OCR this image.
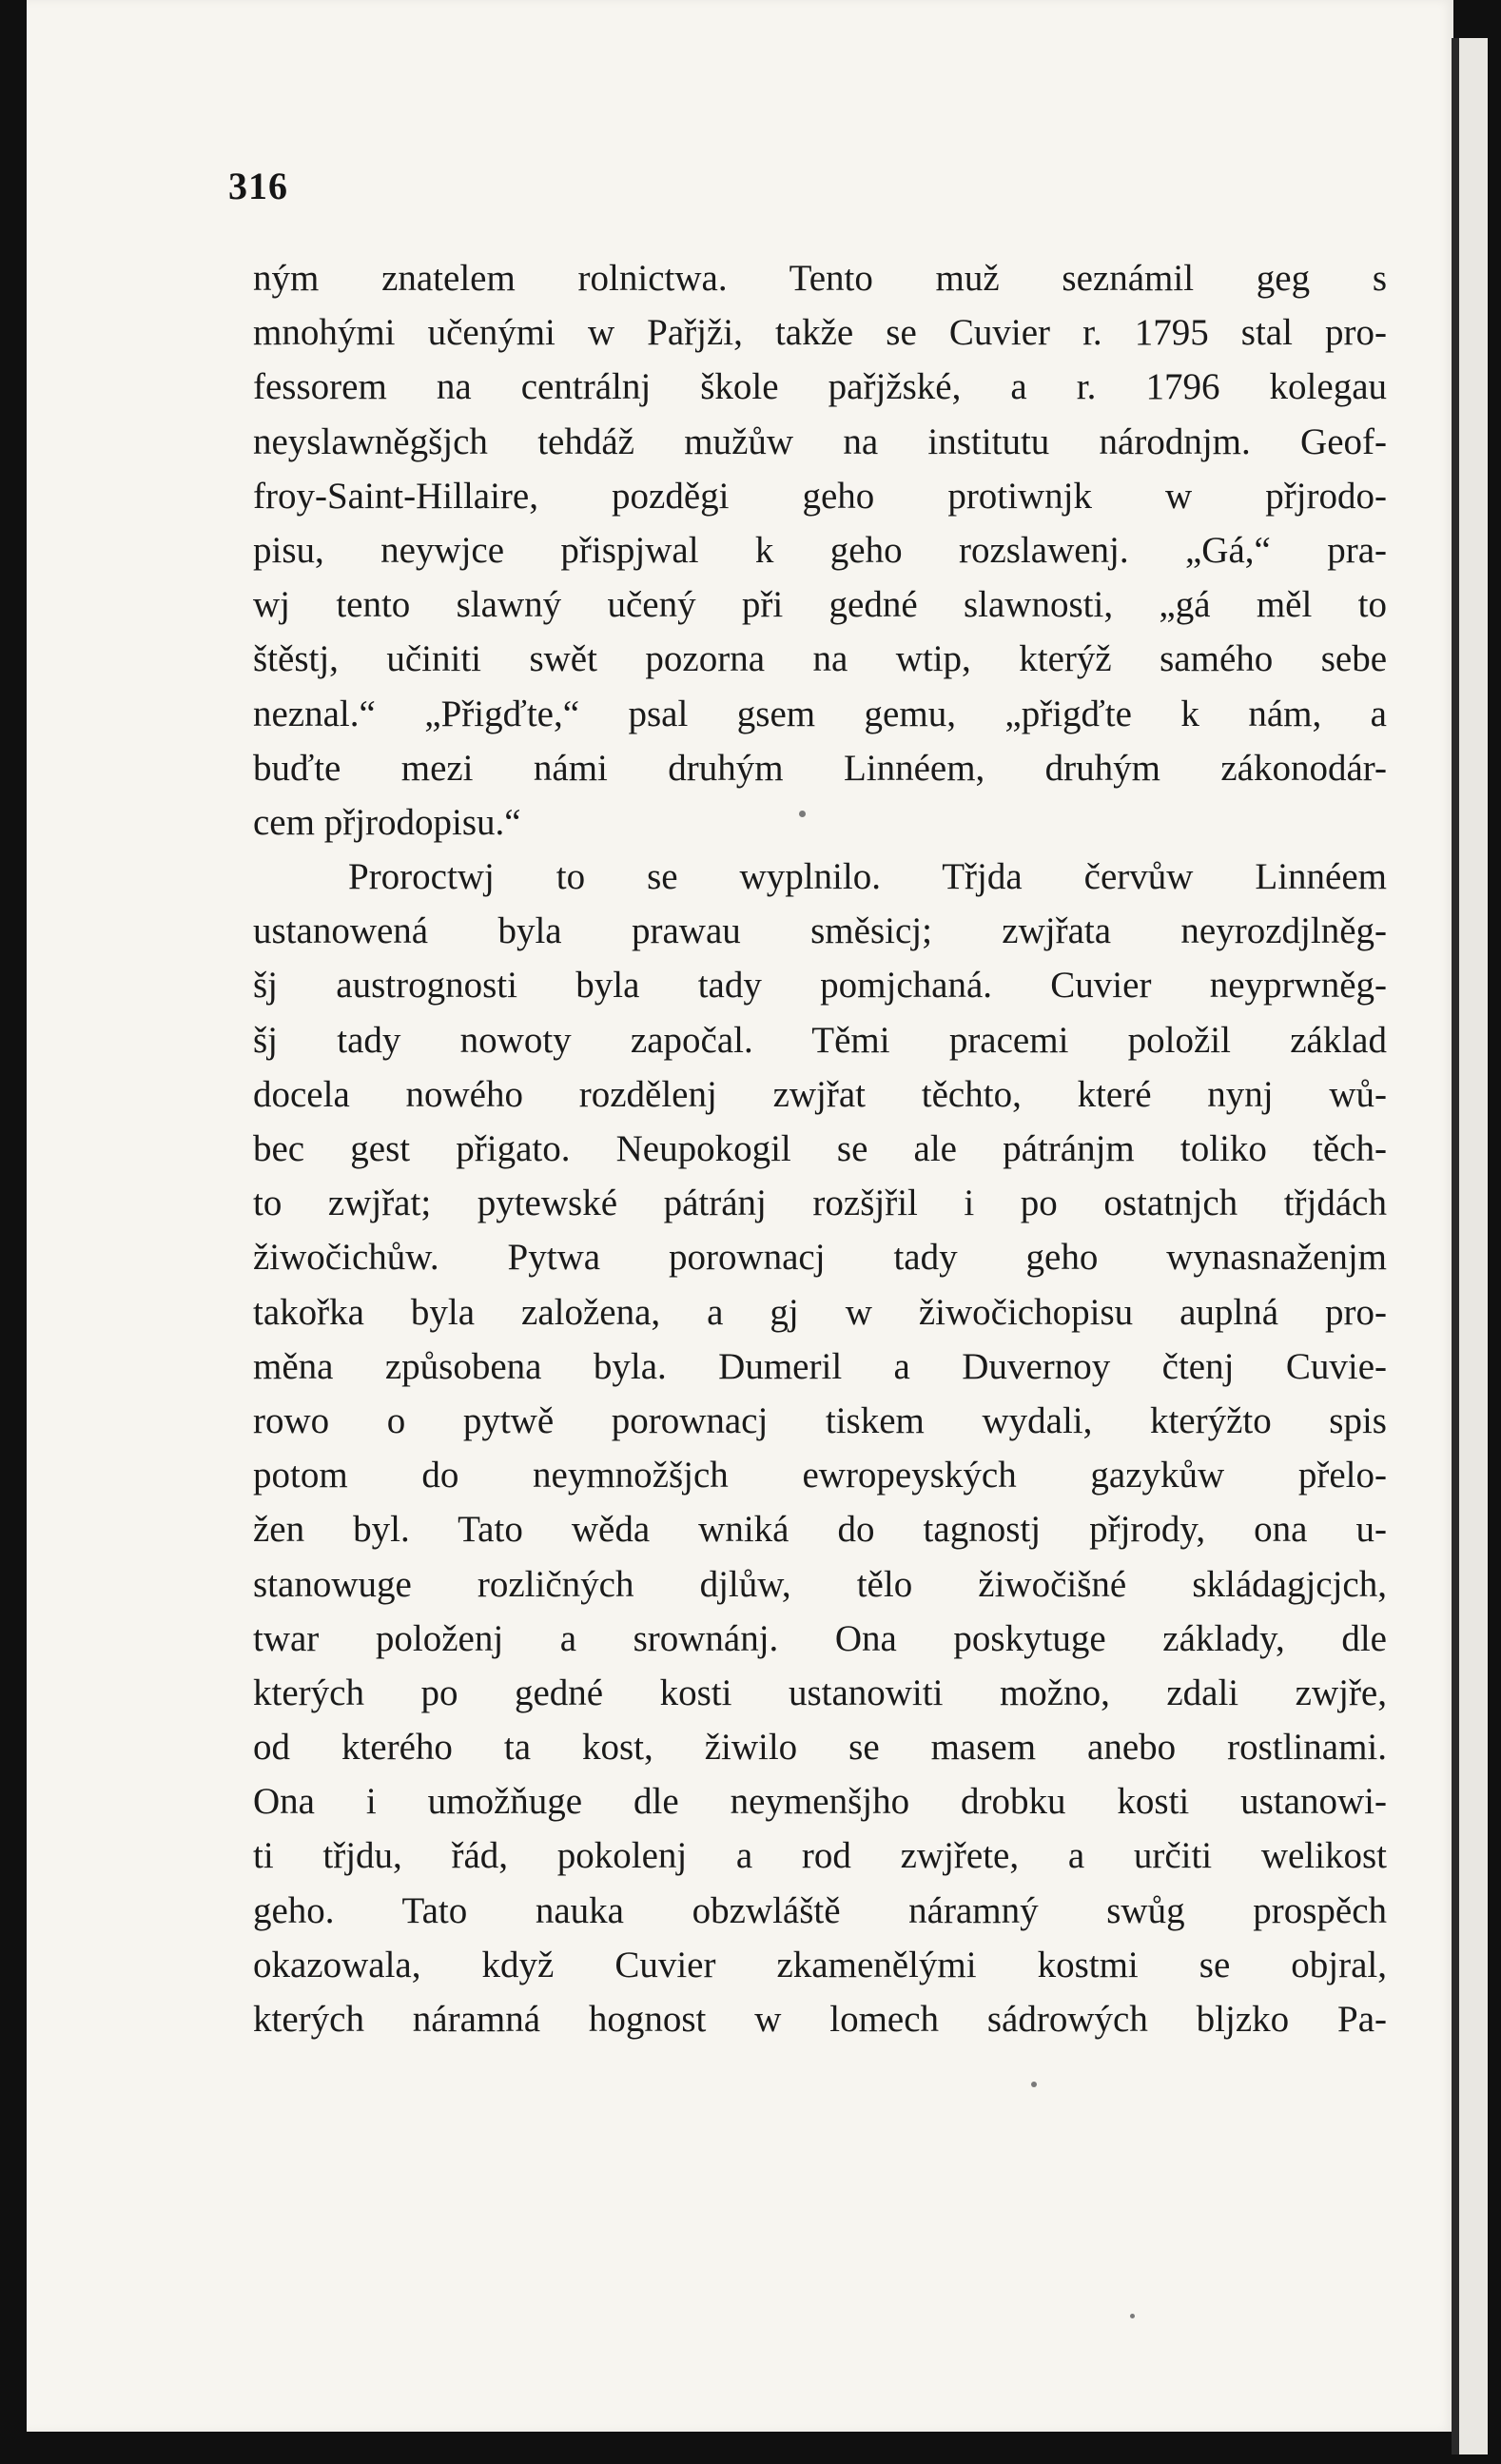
316
ným znatelem rolnictwa. Tento muž seznámil geg s
mnohými učenými w Pařjži, takže se Cuvier r. 1795 stal pro-
fessorem na centrálnj škole pařjžské, a r. 1796 kolegau
neyslawněgšjch tehdáž mužůw na institutu národnjm. Geof-
froy-Saint-Hillaire, pozděgi geho protiwnjk w přjrodo-
pisu, neywjce přispjwal k geho rozslawenj. „Gá,“ pra-
wj tento slawný učený při gedné slawnosti, „gá měl to
štěstj, učiniti swět pozorna na wtip, kterýž samého sebe
neznal.“ „Přigďte,“ psal gsem gemu, „přigďte k nám, a
buďte mezi námi druhým Linnéem, druhým zákonodár-
cem přjrodopisu.“
Proroctwj to se wyplnilo. Třjda červůw Linnéem
ustanowená byla prawau směsicj; zwjřata neyrozdjlněg-
šj austrognosti byla tady pomjchaná. Cuvier neyprwněg-
šj tady nowoty započal. Těmi pracemi položil základ
docela nowého rozdělenj zwjřat těchto, které nynj wů-
bec gest přigato. Neupokogil se ale pátránjm toliko těch-
to zwjřat; pytewské pátránj rozšjřil i po ostatnjch třjdách
žiwočichůw. Pytwa porownacj tady geho wynasnaženjm
takořka byla založena, a gj w žiwočichopisu auplná pro-
měna způsobena byla. Dumeril a Duvernoy čtenj Cuvie-
rowo o pytwě porownacj tiskem wydali, kterýžto spis
potom do neymnožšjch ewropeyských gazykůw přelo-
žen byl. Tato wěda wniká do tagnostj přjrody, ona u-
stanowuge rozličných djlůw, tělo žiwočišné skládagjcjch,
twar položenj a srownánj. Ona poskytuge základy, dle
kterých po gedné kosti ustanowiti možno, zdali zwjře,
od kterého ta kost, žiwilo se masem anebo rostlinami.
Ona i umožňuge dle neymenšjho drobku kosti ustanowi-
ti třjdu, řád, pokolenj a rod zwjřete, a určiti welikost
geho. Tato nauka obzwláště náramný swůg prospěch
okazowala, když Cuvier zkamenělými kostmi se objral,
kterých náramná hognost w lomech sádrowých bljzko Pa-
